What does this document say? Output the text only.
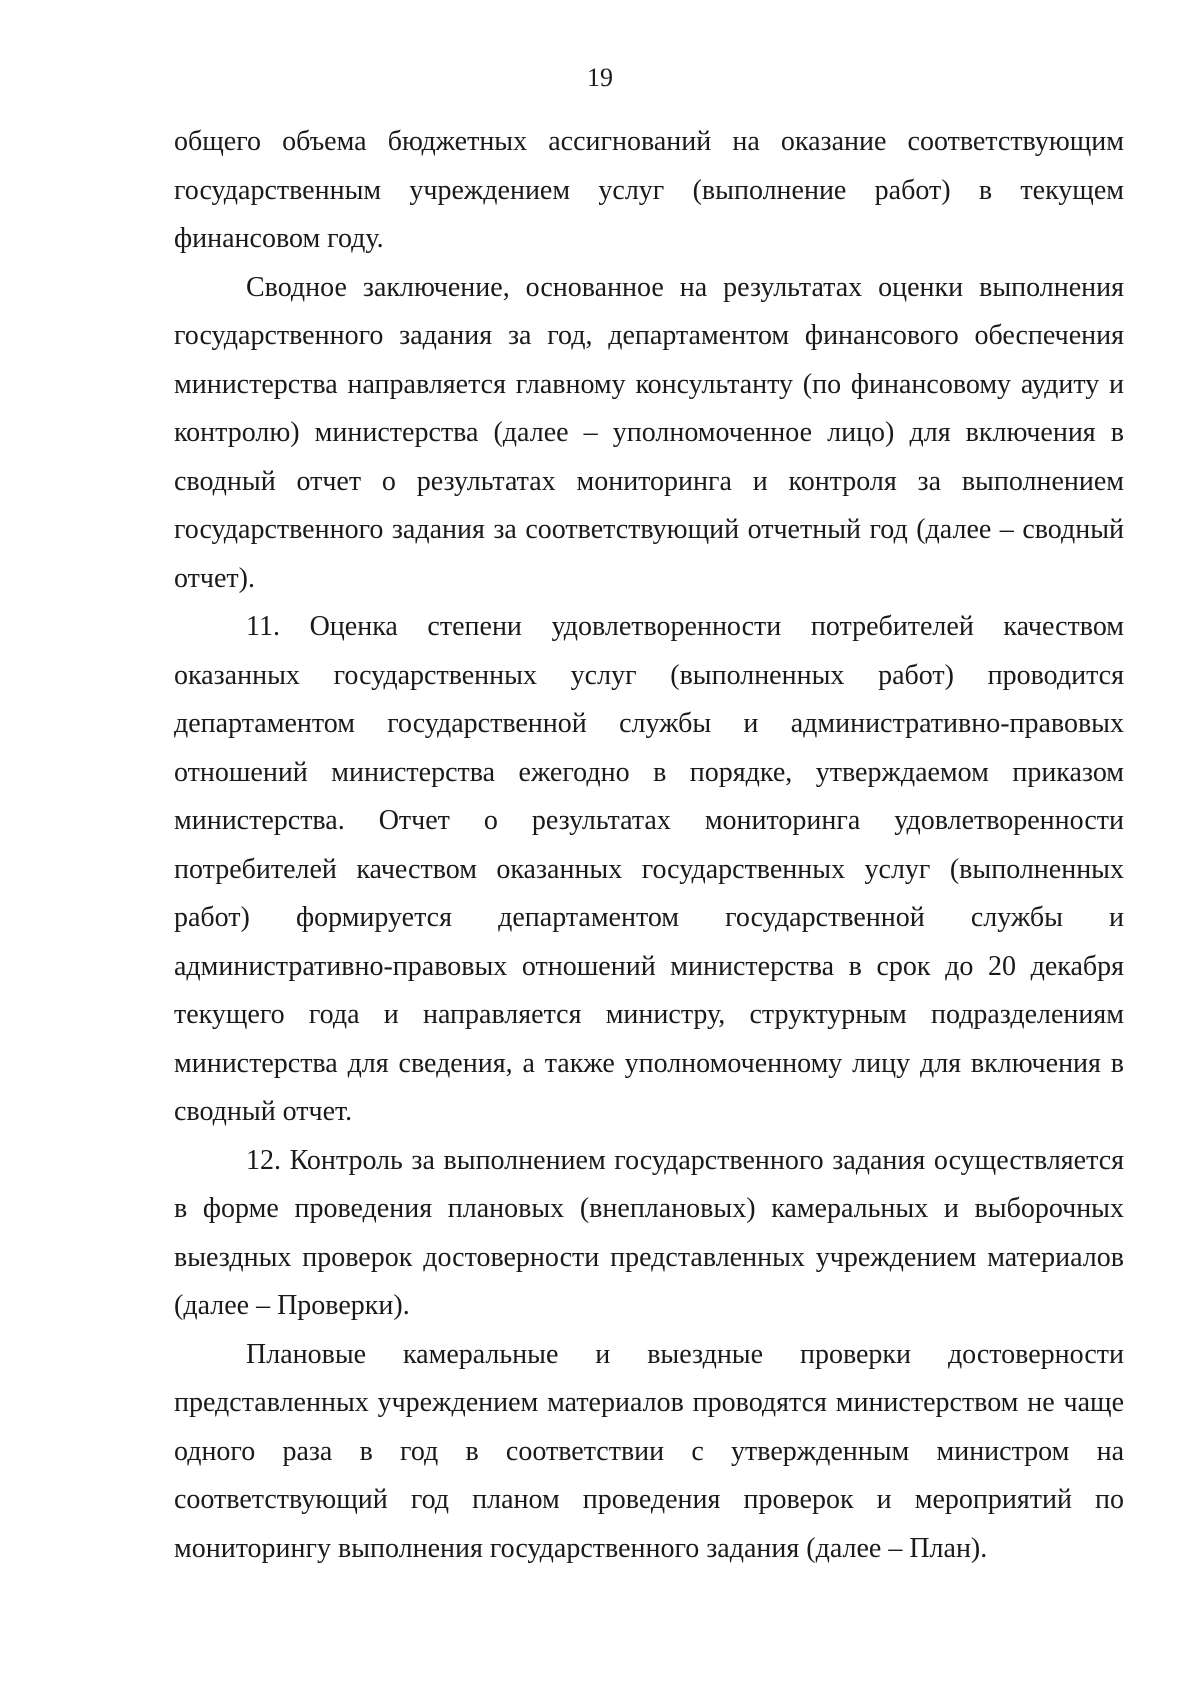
19

общего объема бюджетных ассигнований на оказание соответствующим государственным учреждением услуг (выполнение работ) в текущем финансовом году.

Сводное заключение, основанное на результатах оценки выполнения государственного задания за год, департаментом финансового обеспечения министерства направляется главному консультанту (по финансовому аудиту и контролю) министерства (далее – уполномоченное лицо) для включения в сводный отчет о результатах мониторинга и контроля за выполнением государственного задания за соответствующий отчетный год (далее – сводный отчет).

11. Оценка степени удовлетворенности потребителей качеством оказанных государственных услуг (выполненных работ) проводится департаментом государственной службы и административно-правовых отношений министерства ежегодно в порядке, утверждаемом приказом министерства. Отчет о результатах мониторинга удовлетворенности потребителей качеством оказанных государственных услуг (выполненных работ) формируется департаментом государственной службы и административно-правовых отношений министерства в срок до 20 декабря текущего года и направляется министру, структурным подразделениям министерства для сведения, а также уполномоченному лицу для включения в сводный отчет.

12. Контроль за выполнением государственного задания осуществляется в форме проведения плановых (внеплановых) камеральных и выборочных выездных проверок достоверности представленных учреждением материалов (далее – Проверки).

Плановые камеральные и выездные проверки достоверности представленных учреждением материалов проводятся министерством не чаще одного раза в год в соответствии с утвержденным министром на соответствующий год планом проведения проверок и мероприятий по мониторингу выполнения государственного задания (далее – План).
